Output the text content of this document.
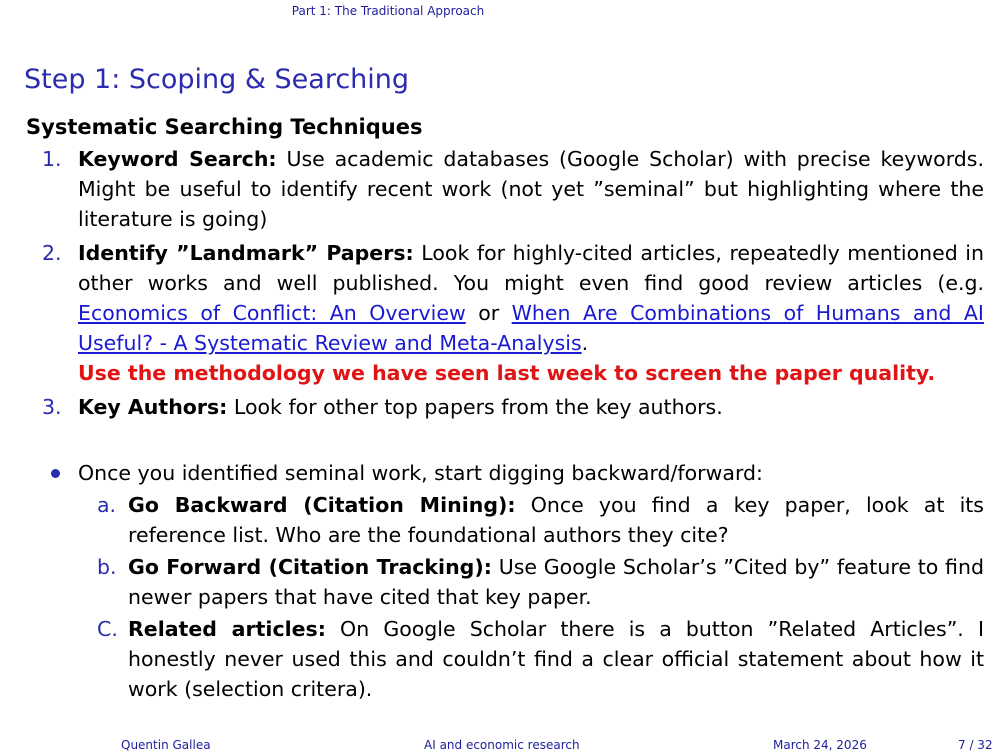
Part 1: The Traditional Approach
Step 1: Scoping & Searching
Systematic Searching Techniques
1. Keyword Search: Use academic databases (Google Scholar) with precise keywords. Might be useful to identify recent work (not yet ”seminal” but highlighting where the literature is going)
2. Identify ”Landmark” Papers: Look for highly-cited articles, repeatedly mentioned in other works and well published. You might even find good review articles (e.g. Economics of Conflict: An Overview or When Are Combinations of Humans and AI Useful? - A Systematic Review and Meta-Analysis.
Use the methodology we have seen last week to screen the paper quality.
3. Key Authors: Look for other top papers from the key authors.
Once you identified seminal work, start digging backward/forward:
a. Go Backward (Citation Mining): Once you find a key paper, look at its reference list. Who are the foundational authors they cite?
b. Go Forward (Citation Tracking): Use Google Scholar’s ”Cited by” feature to find newer papers that have cited that key paper.
C. Related articles: On Google Scholar there is a button ”Related Articles”. I honestly never used this and couldn’t find a clear official statement about how it work (selection critera).
Quentin Gallea	AI and economic research	March 24, 2026	7 / 32
